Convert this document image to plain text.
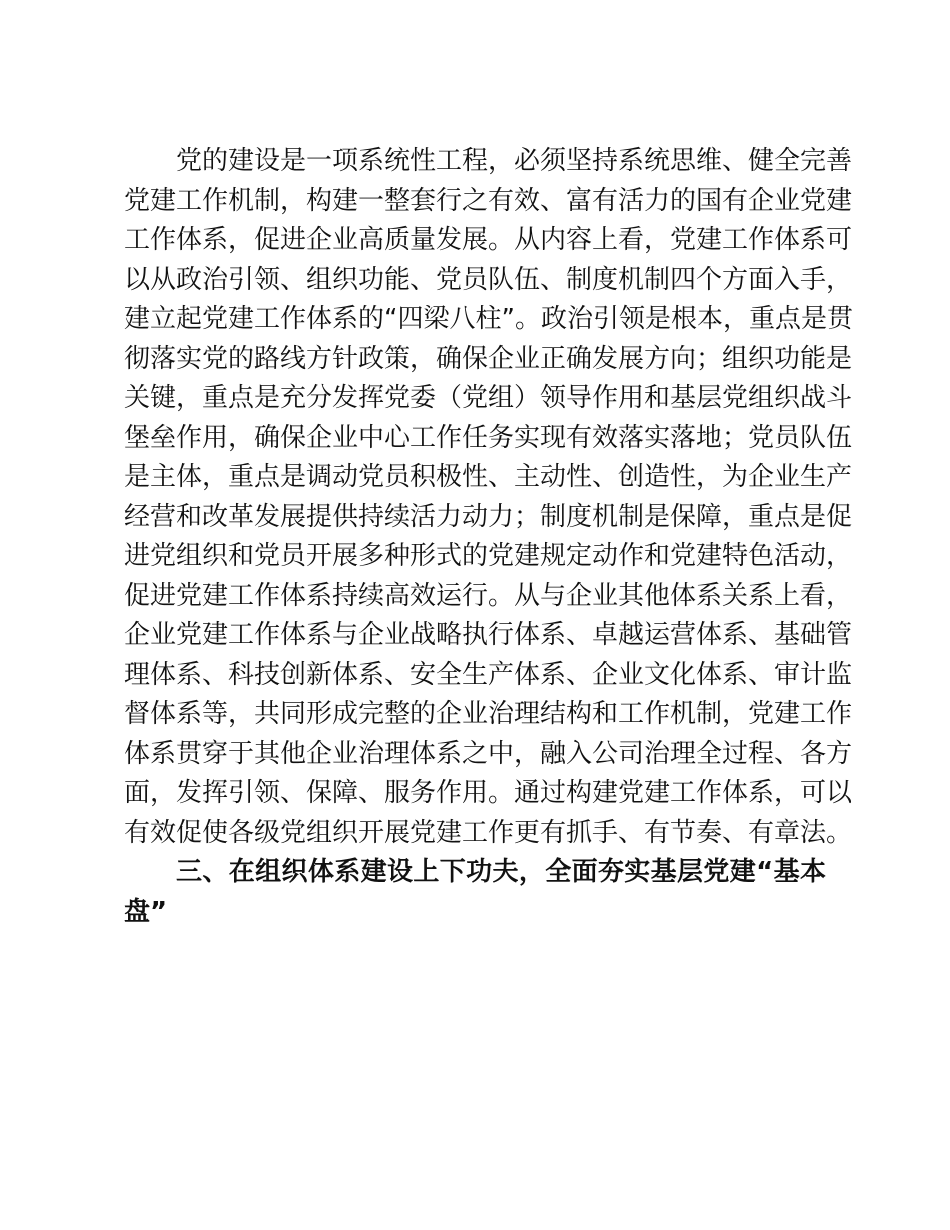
党的建设是一项系统性工程，必须坚持系统思维、健全完善
党建工作机制，构建一整套行之有效、富有活力的国有企业党建
工作体系，促进企业高质量发展。从内容上看，党建工作体系可
以从政治引领、组织功能、党员队伍、制度机制四个方面入手，
建立起党建工作体系的“四梁八柱”。政治引领是根本，重点是贯
彻落实党的路线方针政策，确保企业正确发展方向；组织功能是
关键，重点是充分发挥党委（党组）领导作用和基层党组织战斗
堡垒作用，确保企业中心工作任务实现有效落实落地；党员队伍
是主体，重点是调动党员积极性、主动性、创造性，为企业生产
经营和改革发展提供持续活力动力；制度机制是保障，重点是促
进党组织和党员开展多种形式的党建规定动作和党建特色活动，
促进党建工作体系持续高效运行。从与企业其他体系关系上看，
企业党建工作体系与企业战略执行体系、卓越运营体系、基础管
理体系、科技创新体系、安全生产体系、企业文化体系、审计监
督体系等，共同形成完整的企业治理结构和工作机制，党建工作
体系贯穿于其他企业治理体系之中，融入公司治理全过程、各方
面，发挥引领、保障、服务作用。通过构建党建工作体系，可以
有效促使各级党组织开展党建工作更有抓手、有节奏、有章法。
三、在组织体系建设上下功夫，全面夯实基层党建“基本
盘”
